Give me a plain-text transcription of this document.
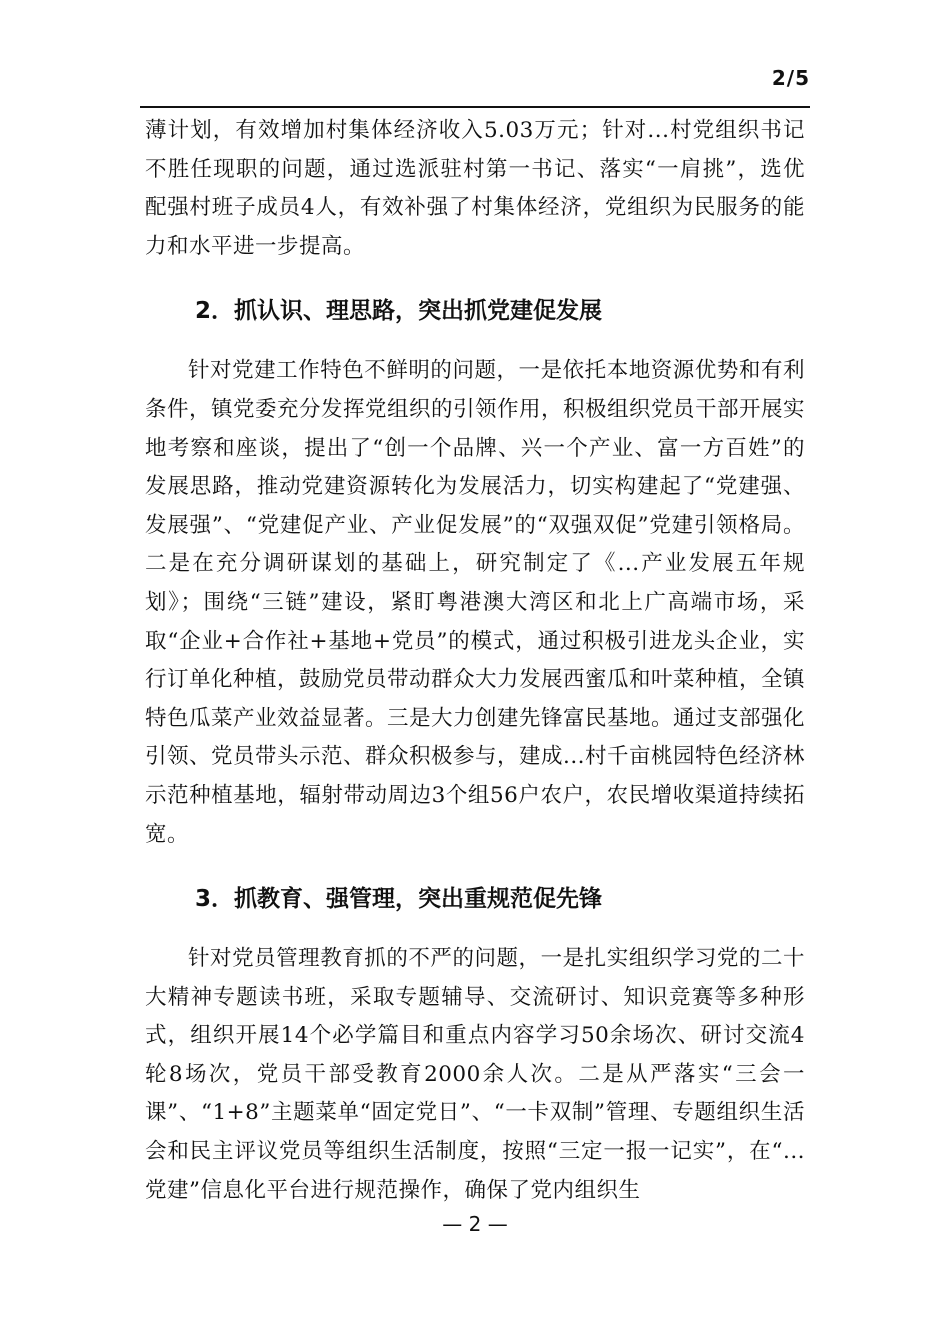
2/5

薄计划，有效增加村集体经济收入5.03万元；针对...村党组织书记不胜任现职的问题，通过选派驻村第一书记、落实“一肩挑”，选优配强村班子成员4人，有效补强了村集体经济，党组织为民服务的能力和水平进一步提高。

2．抓认识、理思路，突出抓党建促发展

针对党建工作特色不鲜明的问题，一是依托本地资源优势和有利条件，镇党委充分发挥党组织的引领作用，积极组织党员干部开展实地考察和座谈，提出了“创一个品牌、兴一个产业、富一方百姓”的发展思路，推动党建资源转化为发展活力，切实构建起了“党建强、发展强”、“党建促产业、产业促发展”的“双强双促”党建引领格局。二是在充分调研谋划的基础上，研究制定了《...产业发展五年规划》；围绕“三链”建设，紧盯粤港澳大湾区和北上广高端市场，采取“企业+合作社+基地+党员”的模式，通过积极引进龙头企业，实行订单化种植，鼓励党员带动群众大力发展西蜜瓜和叶菜种植，全镇特色瓜菜产业效益显著。三是大力创建先锋富民基地。通过支部强化引领、党员带头示范、群众积极参与，建成...村千亩桃园特色经济林示范种植基地，辐射带动周边3个组56户农户，农民增收渠道持续拓宽。

3．抓教育、强管理，突出重规范促先锋

针对党员管理教育抓的不严的问题，一是扎实组织学习党的二十大精神专题读书班，采取专题辅导、交流研讨、知识竞赛等多种形式，组织开展14个必学篇目和重点内容学习50余场次、研讨交流4轮8场次，党员干部受教育2000余人次。二是从严落实“三会一课”、“1+8”主题菜单“固定党日”、“一卡双制”管理、专题组织生活会和民主评议党员等组织生活制度，按照“三定一报一记实”，在“...党建”信息化平台进行规范操作，确保了党内组织生

— 2 —
